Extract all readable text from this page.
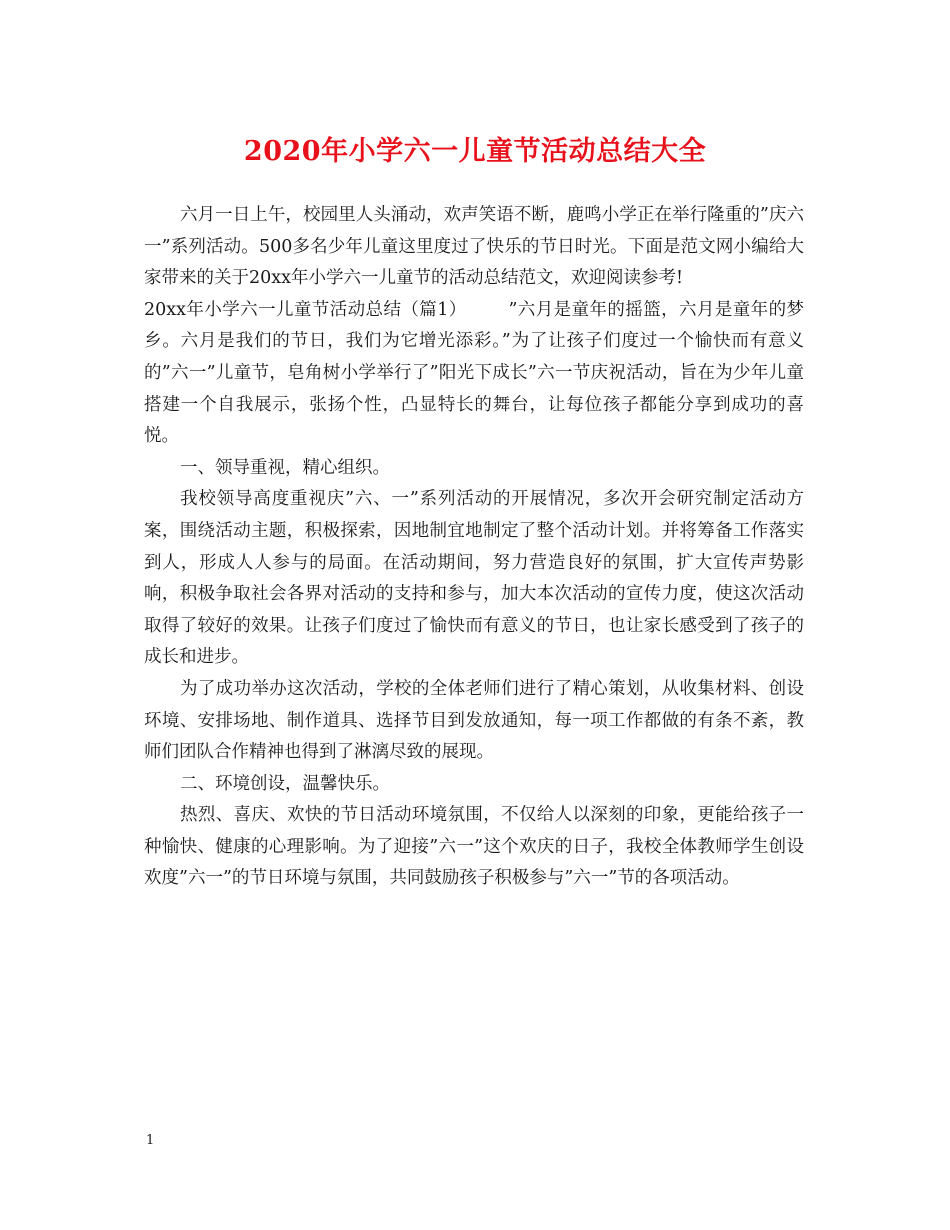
2020年小学六一儿童节活动总结大全

六月一日上午，校园里人头涌动，欢声笑语不断，鹿鸣小学正在举行隆重的”庆六一”系列活动。500多名少年儿童这里度过了快乐的节日时光。下面是范文网小编给大家带来的关于20xx年小学六一儿童节的活动总结范文，欢迎阅读参考!

20xx年小学六一儿童节活动总结（篇1） 　　”六月是童年的摇篮，六月是童年的梦乡。六月是我们的节日，我们为它增光添彩。”为了让孩子们度过一个愉快而有意义的”六一”儿童节，皂角树小学举行了”阳光下成长”六一节庆祝活动，旨在为少年儿童搭建一个自我展示，张扬个性，凸显特长的舞台，让每位孩子都能分享到成功的喜悦。

一、领导重视，精心组织。

我校领导高度重视庆”六、一”系列活动的开展情况，多次开会研究制定活动方案，围绕活动主题，积极探索，因地制宜地制定了整个活动计划。并将筹备工作落实到人，形成人人参与的局面。在活动期间，努力营造良好的氛围，扩大宣传声势影响，积极争取社会各界对活动的支持和参与，加大本次活动的宣传力度，使这次活动取得了较好的效果。让孩子们度过了愉快而有意义的节日，也让家长感受到了孩子的成长和进步。

为了成功举办这次活动，学校的全体老师们进行了精心策划，从收集材料、创设环境、安排场地、制作道具、选择节目到发放通知，每一项工作都做的有条不紊，教师们团队合作精神也得到了淋漓尽致的展现。

二、环境创设，温馨快乐。

热烈、喜庆、欢快的节日活动环境氛围，不仅给人以深刻的印象，更能给孩子一种愉快、健康的心理影响。为了迎接”六一”这个欢庆的日子，我校全体教师学生创设欢度”六一”的节日环境与氛围，共同鼓励孩子积极参与”六一”节的各项活动。

1
